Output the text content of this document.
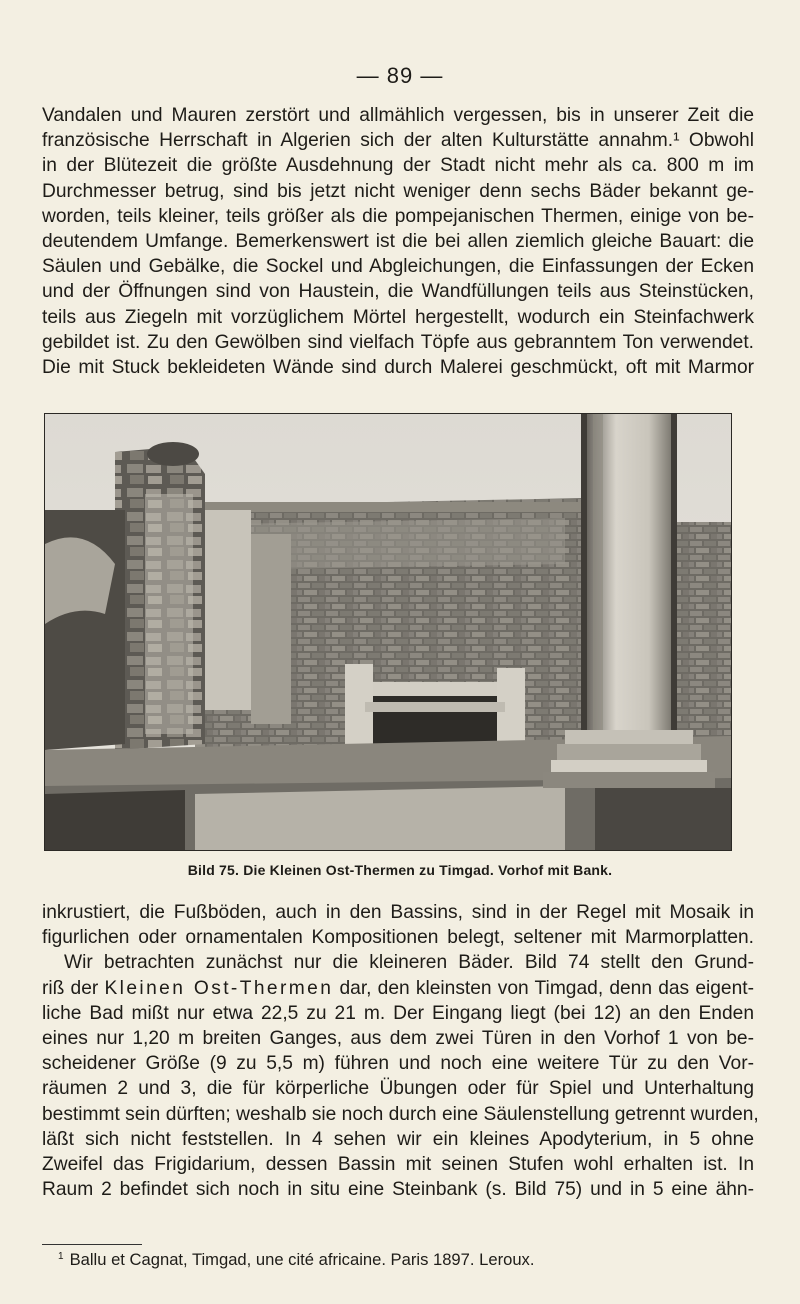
— 89 —

Vandalen und Mauren zerstört und allmählich vergessen, bis in unserer Zeit die
französische Herrschaft in Algerien sich der alten Kulturstätte annahm.¹ Obwohl
in der Blütezeit die größte Ausdehnung der Stadt nicht mehr als ca. 800 m im
Durchmesser betrug, sind bis jetzt nicht weniger denn sechs Bäder bekannt ge-
worden, teils kleiner, teils größer als die pompejanischen Thermen, einige von be-
deutendem Umfange. Bemerkenswert ist die bei allen ziemlich gleiche Bauart: die
Säulen und Gebälke, die Sockel und Abgleichungen, die Einfassungen der Ecken
und der Öffnungen sind von Haustein, die Wandfüllungen teils aus Steinstücken,
teils aus Ziegeln mit vorzüglichem Mörtel hergestellt, wodurch ein Steinfachwerk
gebildet ist. Zu den Gewölben sind vielfach Töpfe aus gebranntem Ton verwendet.
Die mit Stuck bekleideten Wände sind durch Malerei geschmückt, oft mit Marmor

Bild 75. Die Kleinen Ost-Thermen zu Timgad. Vorhof mit Bank.

inkrustiert, die Fußböden, auch in den Bassins, sind in der Regel mit Mosaik in
figurlichen oder ornamentalen Kompositionen belegt, seltener mit Marmorplatten.
Wir betrachten zunächst nur die kleineren Bäder. Bild 74 stellt den Grund-
riß der Kleinen Ost-Thermen dar, den kleinsten von Timgad, denn das eigent-
liche Bad mißt nur etwa 22,5 zu 21 m. Der Eingang liegt (bei 12) an den Enden
eines nur 1,20 m breiten Ganges, aus dem zwei Türen in den Vorhof 1 von be-
scheidener Größe (9 zu 5,5 m) führen und noch eine weitere Tür zu den Vor-
räumen 2 und 3, die für körperliche Übungen oder für Spiel und Unterhaltung
bestimmt sein dürften; weshalb sie noch durch eine Säulenstellung getrennt wurden,
läßt sich nicht feststellen. In 4 sehen wir ein kleines Apodyterium, in 5 ohne
Zweifel das Frigidarium, dessen Bassin mit seinen Stufen wohl erhalten ist. In
Raum 2 befindet sich noch in situ eine Steinbank (s. Bild 75) und in 5 eine ähn-

$^1$ Ballu et Cagnat, Timgad, une cité africaine. Paris 1897. Leroux.
